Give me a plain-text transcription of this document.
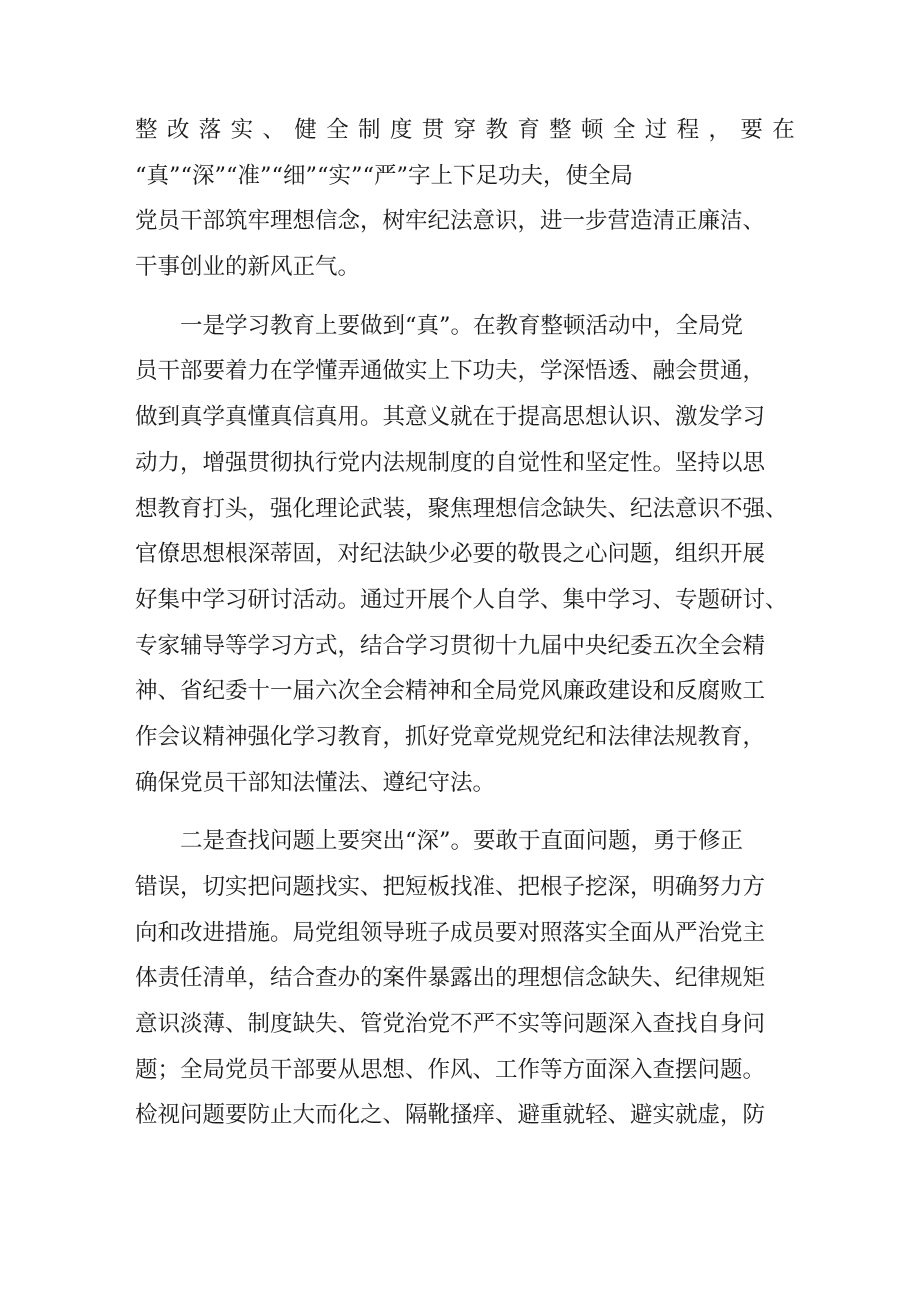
整 改 落 实 、 健 全 制 度 贯 穿 教 育 整 顿 全 过 程 ， 要 在
“真”“深”“准”“细”“实”“严”字上下足功夫，使全局
党员干部筑牢理想信念，树牢纪法意识，进一步营造清正廉洁、
干事创业的新风正气。
一是学习教育上要做到“真”。在教育整顿活动中，全局党
员干部要着力在学懂弄通做实上下功夫，学深悟透、融会贯通，
做到真学真懂真信真用。其意义就在于提高思想认识、激发学习
动力，增强贯彻执行党内法规制度的自觉性和坚定性。坚持以思
想教育打头，强化理论武装，聚焦理想信念缺失、纪法意识不强、
官僚思想根深蒂固，对纪法缺少必要的敬畏之心问题，组织开展
好集中学习研讨活动。通过开展个人自学、集中学习、专题研讨、
专家辅导等学习方式，结合学习贯彻十九届中央纪委五次全会精
神、省纪委十一届六次全会精神和全局党风廉政建设和反腐败工
作会议精神强化学习教育，抓好党章党规党纪和法律法规教育，
确保党员干部知法懂法、遵纪守法。
二是查找问题上要突出“深”。要敢于直面问题，勇于修正
错误，切实把问题找实、把短板找准、把根子挖深，明确努力方
向和改进措施。局党组领导班子成员要对照落实全面从严治党主
体责任清单，结合查办的案件暴露出的理想信念缺失、纪律规矩
意识淡薄、制度缺失、管党治党不严不实等问题深入查找自身问
题；全局党员干部要从思想、作风、工作等方面深入查摆问题。
检视问题要防止大而化之、隔靴搔痒、避重就轻、避实就虚，防
